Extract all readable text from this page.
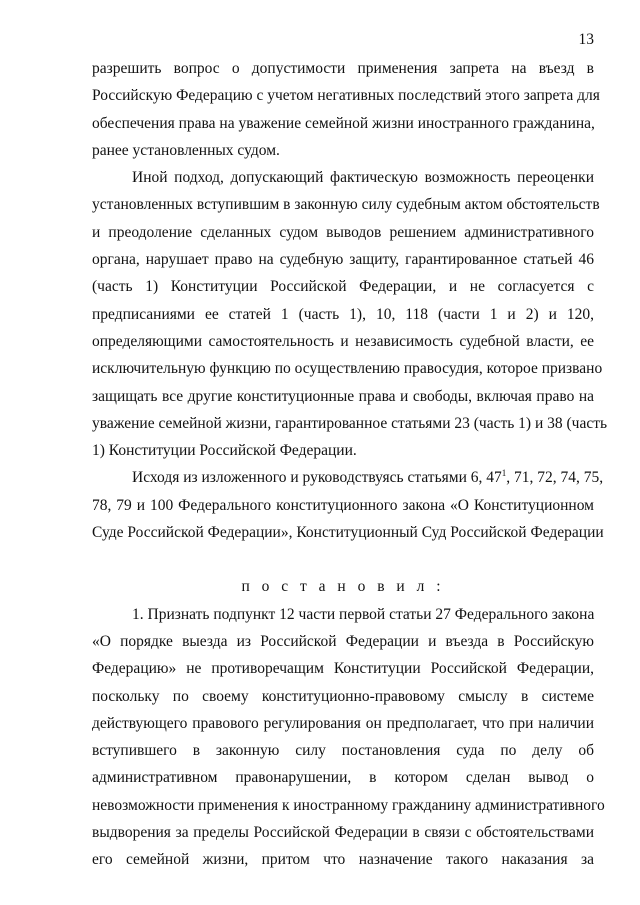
13
разрешить вопрос о допустимости применения запрета на въезд в
Российскую Федерацию с учетом негативных последствий этого запрета для
обеспечения права на уважение семейной жизни иностранного гражданина,
ранее установленных судом.
Иной подход, допускающий фактическую возможность переоценки
установленных вступившим в законную силу судебным актом обстоятельств
и преодоление сделанных судом выводов решением административного
органа, нарушает право на судебную защиту, гарантированное статьей 46
(часть 1) Конституции Российской Федерации, и не согласуется с
предписаниями ее статей 1 (часть 1), 10, 118 (части 1 и 2) и 120,
определяющими самостоятельность и независимость судебной власти, ее
исключительную функцию по осуществлению правосудия, которое призвано
защищать все другие конституционные права и свободы, включая право на
уважение семейной жизни, гарантированное статьями 23 (часть 1) и 38 (часть
1) Конституции Российской Федерации.
Исходя из изложенного и руководствуясь статьями 6, $47^1$, 71, 72, 74, 75,
78, 79 и 100 Федерального конституционного закона «О Конституционном
Суде Российской Федерации», Конституционный Суд Российской Федерации
п о с т а н о в и л :
1. Признать подпункт 12 части первой статьи 27 Федерального закона
«О порядке выезда из Российской Федерации и въезда в Российскую
Федерацию» не противоречащим Конституции Российской Федерации,
поскольку по своему конституционно-правовому смыслу в системе
действующего правового регулирования он предполагает, что при наличии
вступившего в законную силу постановления суда по делу об
административном правонарушении, в котором сделан вывод о
невозможности применения к иностранному гражданину административного
выдворения за пределы Российской Федерации в связи с обстоятельствами
его семейной жизни, притом что назначение такого наказания за
